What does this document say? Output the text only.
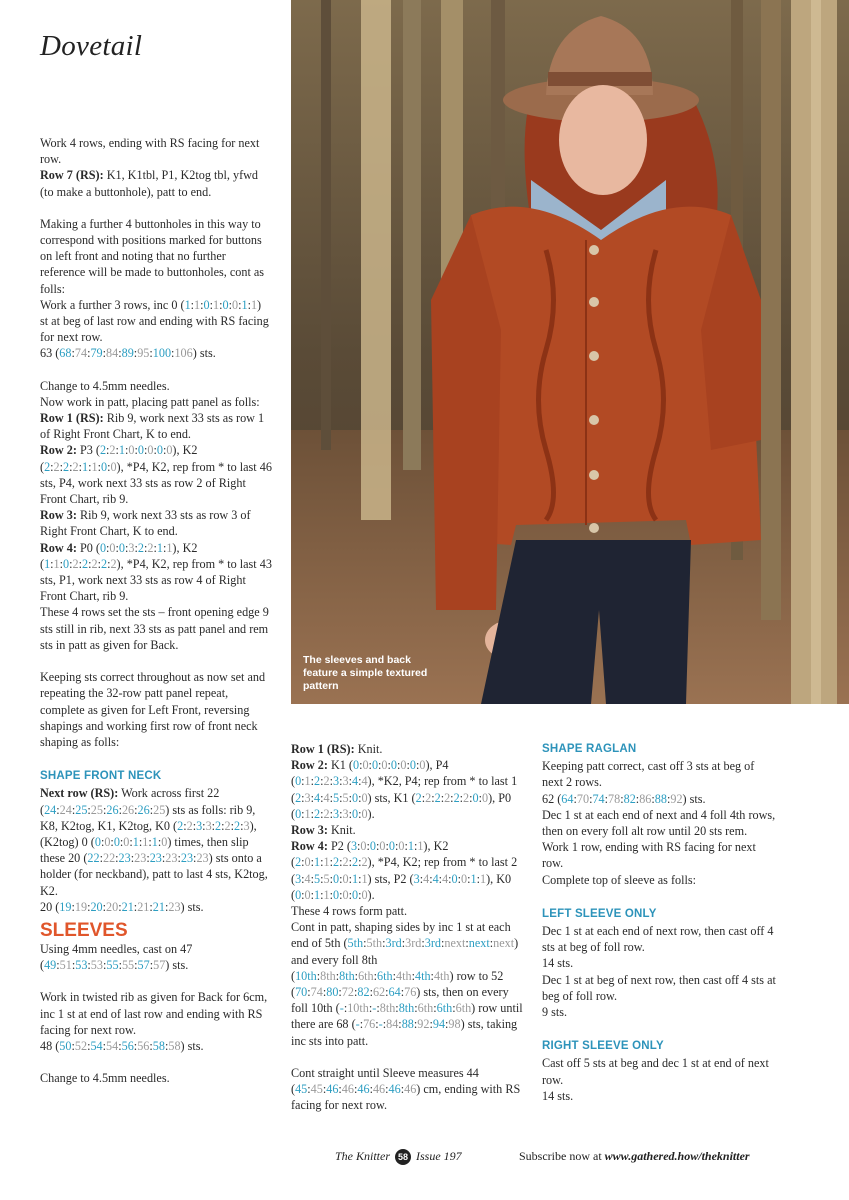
Dovetail
The sleeves and back feature a simple textured pattern

Work 4 rows, ending with RS facing for next row.

Row 7 (RS): K1, K1tbl, P1, K2tog tbl, yfwd (to make a buttonhole), patt to end.

Making a further 4 buttonholes in this way to correspond with positions marked for buttons on left front and noting that no further reference will be made to buttonholes, cont as folls:

Work a further 3 rows, inc 0 (1:1:0:1:0:0:1:1) st at beg of last row and ending with RS facing for next row.

63 (68:74:79:84:89:95:100:106) sts.

Change to 4.5mm needles.

Now work in patt, placing patt panel as folls:

Row 1 (RS): Rib 9, work next 33 sts as row 1 of Right Front Chart, K to end.

Row 2: P3 (2:2:1:0:0:0:0:0), K2 (2:2:2:2:1:1:0:0), *P4, K2, rep from * to last 46 sts, P4, work next 33 sts as row 2 of Right Front Chart, rib 9.

Row 3: Rib 9, work next 33 sts as row 3 of Right Front Chart, K to end.

Row 4: P0 (0:0:0:3:2:2:1:1), K2 (1:1:0:2:2:2:2:2), *P4, K2, rep from * to last 43 sts, P1, work next 33 sts as row 4 of Right Front Chart, rib 9.

These 4 rows set the sts – front opening edge 9 sts still in rib, next 33 sts as patt panel and rem sts in patt as given for Back.

Keeping sts correct throughout as now set and repeating the 32-row patt panel repeat, complete as given for Left Front, reversing shapings and working first row of front neck shaping as folls:

SHAPE FRONT NECK

Next row (RS): Work across first 22 (24:24:25:25:26:26:26:25) sts as folls: rib 9, K8, K2tog, K1, K2tog, K0 (2:2:3:3:2:2:2:3), (K2tog) 0 (0:0:0:0:1:1:1:0) times, then slip these 20 (22:22:23:23:23:23:23:23) sts onto a holder (for neckband), patt to last 4 sts, K2tog, K2.

20 (19:19:20:20:21:21:21:23) sts.

SLEEVES

Using 4mm needles, cast on 47 (49:51:53:53:55:55:57:57) sts.

Work in twisted rib as given for Back for 6cm, inc 1 st at end of last row and ending with RS facing for next row.

48 (50:52:54:54:56:56:58:58) sts.

Change to 4.5mm needles.

Row 1 (RS): Knit.

Row 2: K1 (0:0:0:0:0:0:0:0), P4 (0:1:2:2:3:3:4:4), *K2, P4; rep from * to last 1 (2:3:4:4:5:5:0:0) sts, K1 (2:2:2:2:2:2:0:0), P0 (0:1:2:2:3:3:0:0).

Row 3: Knit.

Row 4: P2 (3:0:0:0:0:0:1:1), K2 (2:0:1:1:2:2:2:2), *P4, K2; rep from * to last 2 (3:4:5:5:0:0:1:1) sts, P2 (3:4:4:4:0:0:1:1), K0 (0:0:1:1:0:0:0:0).

These 4 rows form patt.

Cont in patt, shaping sides by inc 1 st at each end of 5th (5th:5th:3rd:3rd:3rd:next:next:next) and every foll 8th (10th:8th:8th:6th:6th:4th:4th:4th) row to 52 (70:74:80:72:82:62:64:76) sts, then on every foll 10th (-:10th:-:8th:8th:6th:6th:6th) row until there are 68 (-:76:-:84:88:92:94:98) sts, taking inc sts into patt.

Cont straight until Sleeve measures 44 (45:45:46:46:46:46:46:46) cm, ending with RS facing for next row.

SHAPE RAGLAN

Keeping patt correct, cast off 3 sts at beg of next 2 rows.

62 (64:70:74:78:82:86:88:92) sts.

Dec 1 st at each end of next and 4 foll 4th rows, then on every foll alt row until 20 sts rem.

Work 1 row, ending with RS facing for next row.

Complete top of sleeve as folls:

LEFT SLEEVE ONLY

Dec 1 st at each end of next row, then cast off 4 sts at beg of foll row.

14 sts.

Dec 1 st at beg of next row, then cast off 4 sts at beg of foll row.

9 sts.

RIGHT SLEEVE ONLY

Cast off 5 sts at beg and dec 1 st at end of next row.

14 sts.

The Knitter 58 Issue 197	Subscribe now at www.gathered.how/theknitter
